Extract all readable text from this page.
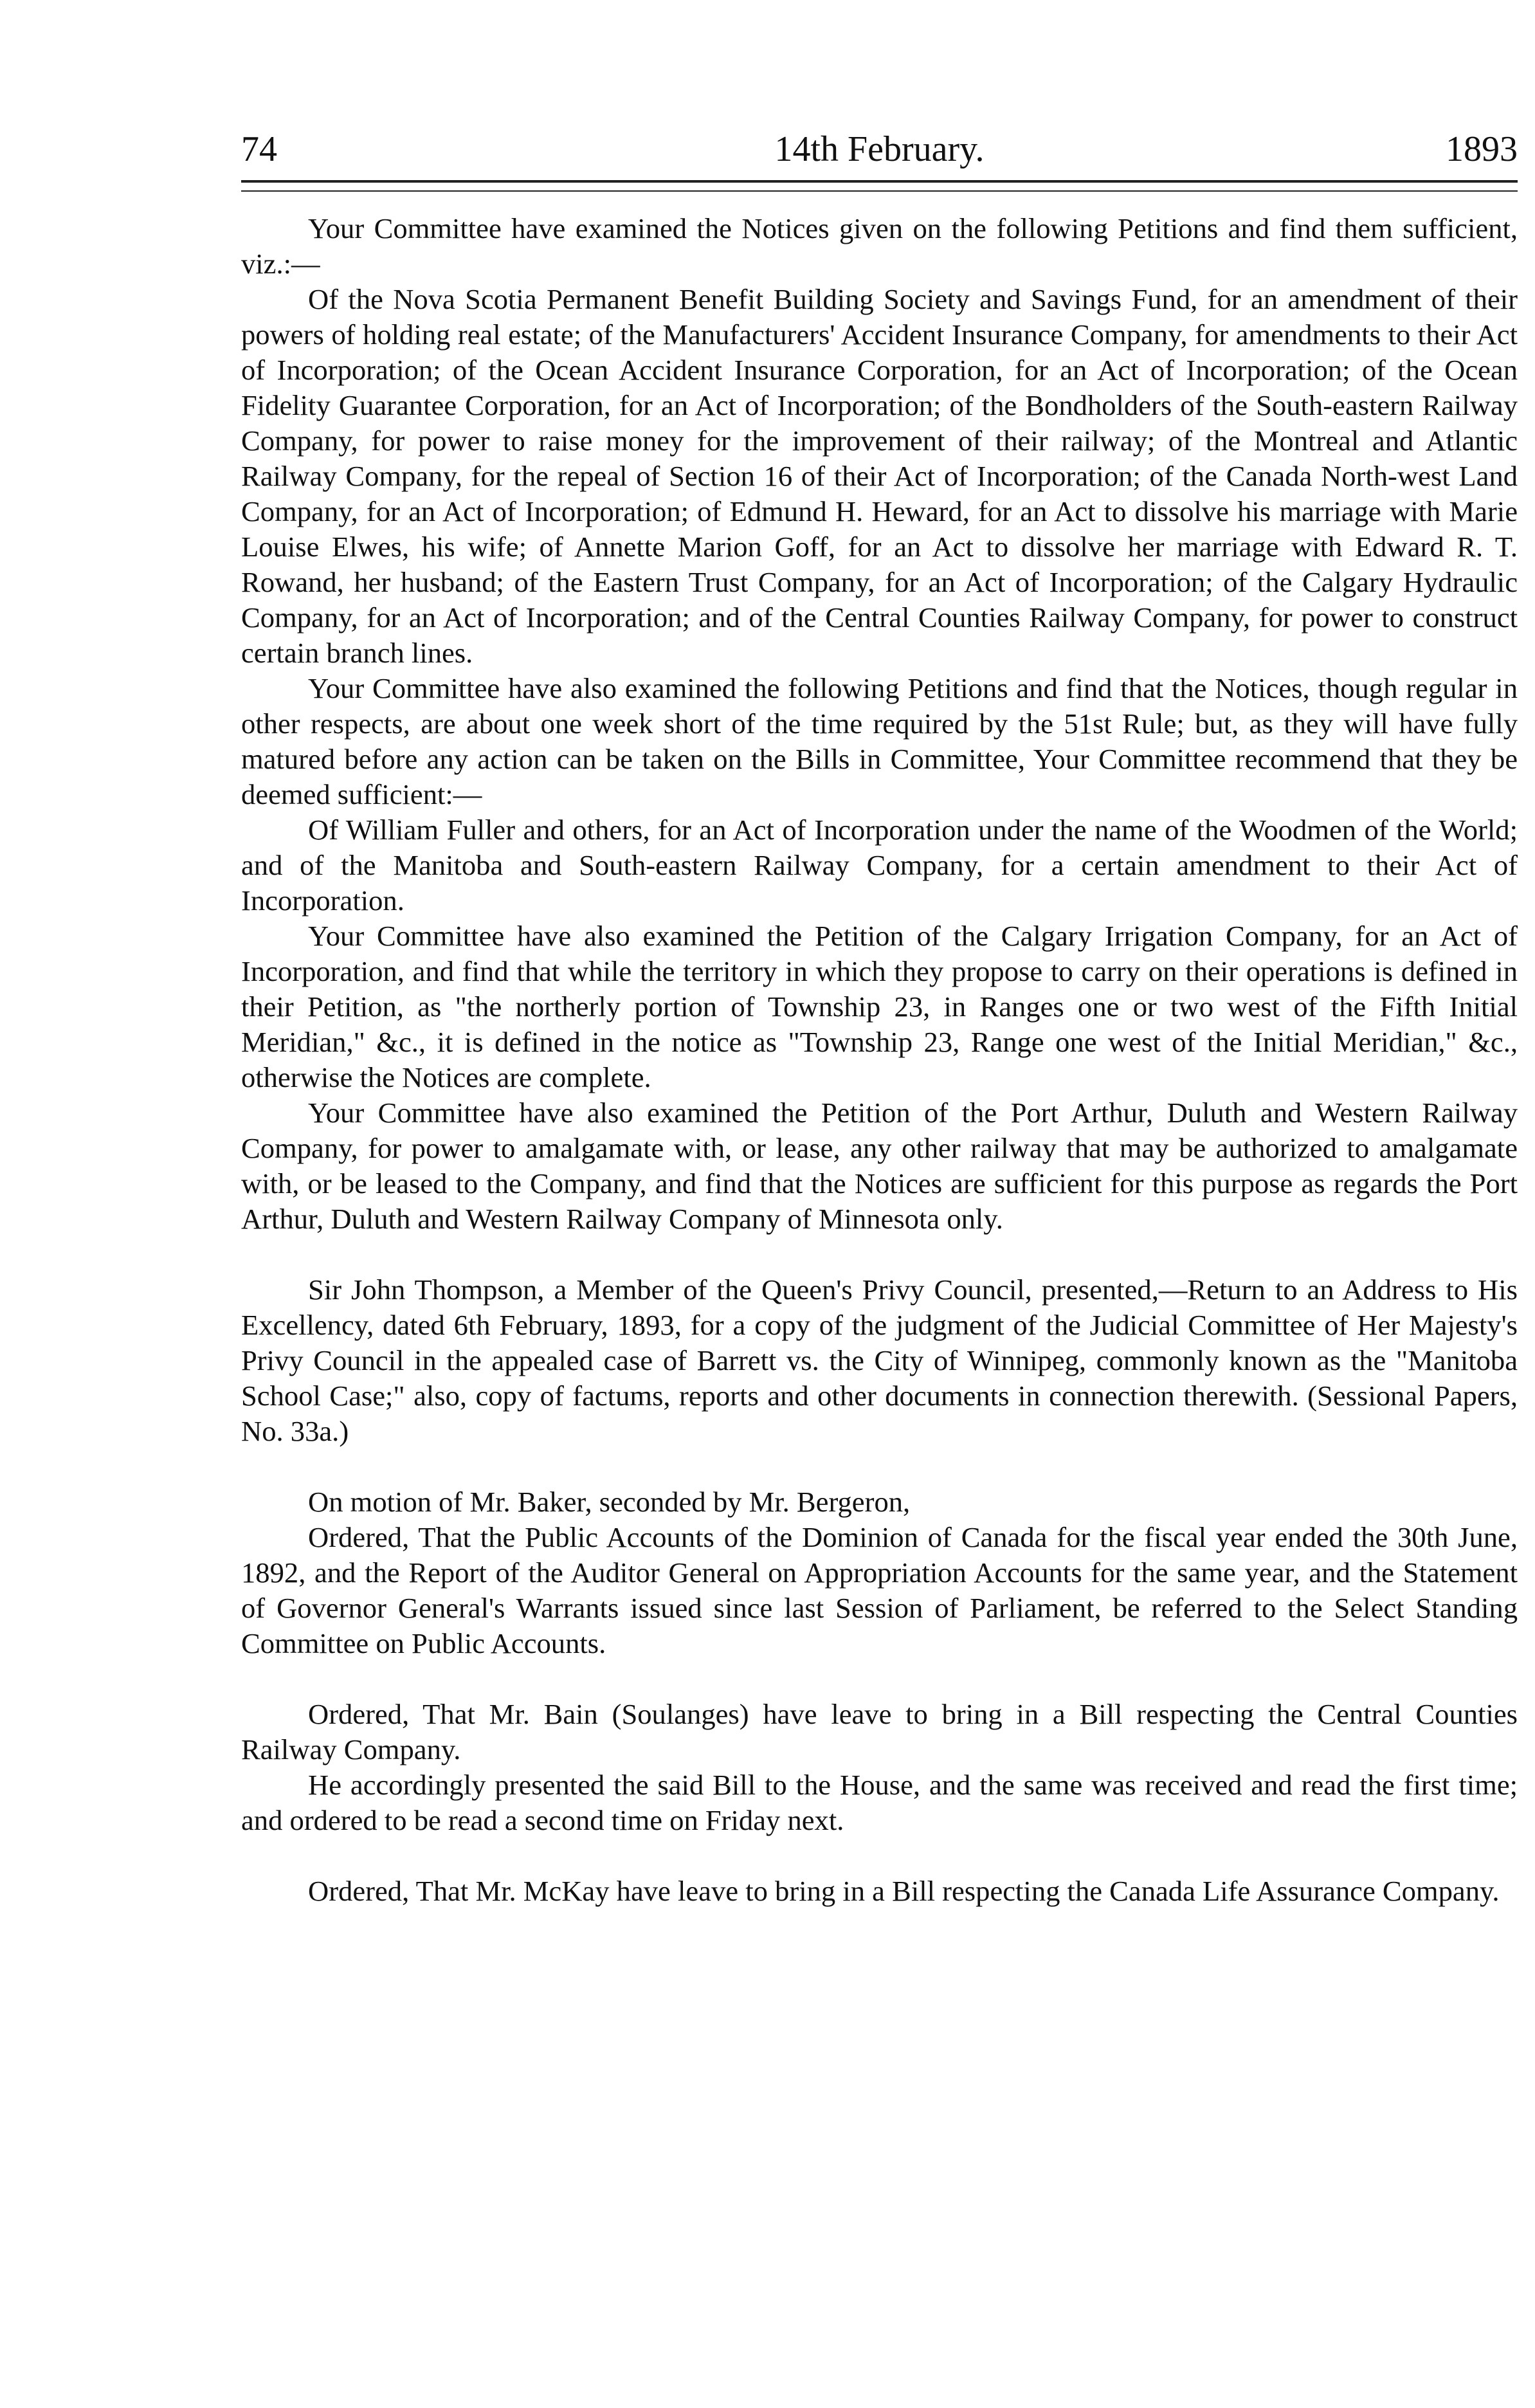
74	14th February.	1893

Your Committee have examined the Notices given on the following Petitions and find them sufficient, viz.:—

Of the Nova Scotia Permanent Benefit Building Society and Savings Fund, for an amendment of their powers of holding real estate; of the Manufacturers' Accident Insurance Company, for amendments to their Act of Incorporation; of the Ocean Accident Insurance Corporation, for an Act of Incorporation; of the Ocean Fidelity Guarantee Corporation, for an Act of Incorporation; of the Bondholders of the South-eastern Railway Company, for power to raise money for the improvement of their railway; of the Montreal and Atlantic Railway Company, for the repeal of Section 16 of their Act of Incorporation; of the Canada North-west Land Company, for an Act of Incorporation; of Edmund H. Heward, for an Act to dissolve his marriage with Marie Louise Elwes, his wife; of Annette Marion Goff, for an Act to dissolve her marriage with Edward R. T. Rowand, her husband; of the Eastern Trust Company, for an Act of Incorporation; of the Calgary Hydraulic Company, for an Act of Incorporation; and of the Central Counties Railway Company, for power to construct certain branch lines.

Your Committee have also examined the following Petitions and find that the Notices, though regular in other respects, are about one week short of the time required by the 51st Rule; but, as they will have fully matured before any action can be taken on the Bills in Committee, Your Committee recommend that they be deemed sufficient:—

Of William Fuller and others, for an Act of Incorporation under the name of the Woodmen of the World; and of the Manitoba and South-eastern Railway Company, for a certain amendment to their Act of Incorporation.

Your Committee have also examined the Petition of the Calgary Irrigation Company, for an Act of Incorporation, and find that while the territory in which they propose to carry on their operations is defined in their Petition, as "the northerly portion of Township 23, in Ranges one or two west of the Fifth Initial Meridian," &c., it is defined in the notice as "Township 23, Range one west of the Initial Meridian," &c., otherwise the Notices are complete.

Your Committee have also examined the Petition of the Port Arthur, Duluth and Western Railway Company, for power to amalgamate with, or lease, any other railway that may be authorized to amalgamate with, or be leased to the Company, and find that the Notices are sufficient for this purpose as regards the Port Arthur, Duluth and Western Railway Company of Minnesota only.

Sir John Thompson, a Member of the Queen's Privy Council, presented,—Return to an Address to His Excellency, dated 6th February, 1893, for a copy of the judgment of the Judicial Committee of Her Majesty's Privy Council in the appealed case of Barrett vs. the City of Winnipeg, commonly known as the "Manitoba School Case;" also, copy of factums, reports and other documents in connection therewith. (Sessional Papers, No. 33a.)

On motion of Mr. Baker, seconded by Mr. Bergeron,

Ordered, That the Public Accounts of the Dominion of Canada for the fiscal year ended the 30th June, 1892, and the Report of the Auditor General on Appropriation Accounts for the same year, and the Statement of Governor General's Warrants issued since last Session of Parliament, be referred to the Select Standing Committee on Public Accounts.

Ordered, That Mr. Bain (Soulanges) have leave to bring in a Bill respecting the Central Counties Railway Company.

He accordingly presented the said Bill to the House, and the same was received and read the first time; and ordered to be read a second time on Friday next.

Ordered, That Mr. McKay have leave to bring in a Bill respecting the Canada Life Assurance Company.
